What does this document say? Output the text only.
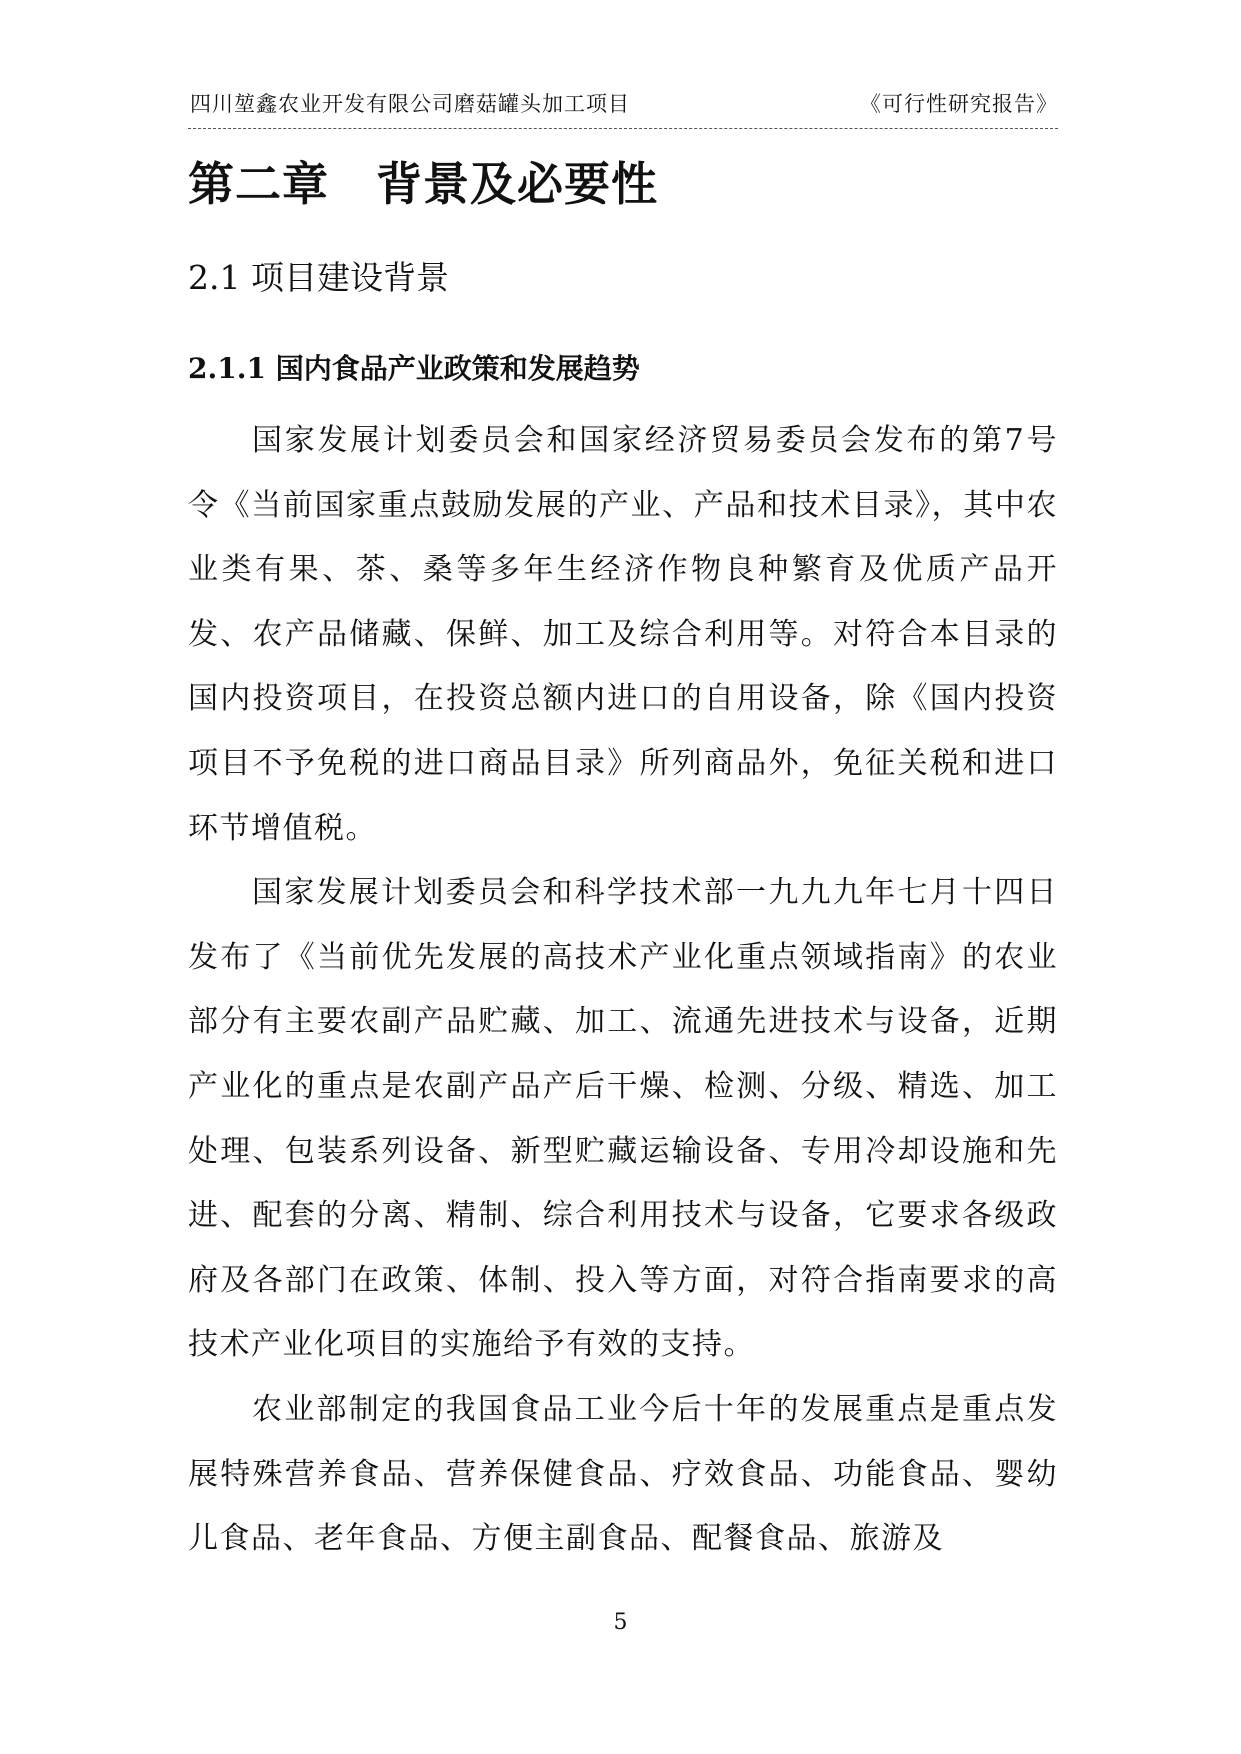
四川堃鑫农业开发有限公司磨菇罐头加工项目	《可行性研究报告》
第二章　背景及必要性
2.1 项目建设背景
2.1.1 国内食品产业政策和发展趋势

国家发展计划委员会和国家经济贸易委员会发布的第7号令《当前国家重点鼓励发展的产业、产品和技术目录》，其中农业类有果、茶、桑等多年生经济作物良种繁育及优质产品开发、农产品储藏、保鲜、加工及综合利用等。对符合本目录的国内投资项目，在投资总额内进口的自用设备，除《国内投资项目不予免税的进口商品目录》所列商品外，免征关税和进口环节增值税。

国家发展计划委员会和科学技术部一九九九年七月十四日发布了《当前优先发展的高技术产业化重点领域指南》的农业部分有主要农副产品贮藏、加工、流通先进技术与设备，近期产业化的重点是农副产品产后干燥、检测、分级、精选、加工处理、包装系列设备、新型贮藏运输设备、专用冷却设施和先进、配套的分离、精制、综合利用技术与设备，它要求各级政府及各部门在政策、体制、投入等方面，对符合指南要求的高技术产业化项目的实施给予有效的支持。

农业部制定的我国食品工业今后十年的发展重点是重点发展特殊营养食品、营养保健食品、疗效食品、功能食品、婴幼儿食品、老年食品、方便主副食品、配餐食品、旅游及

5
